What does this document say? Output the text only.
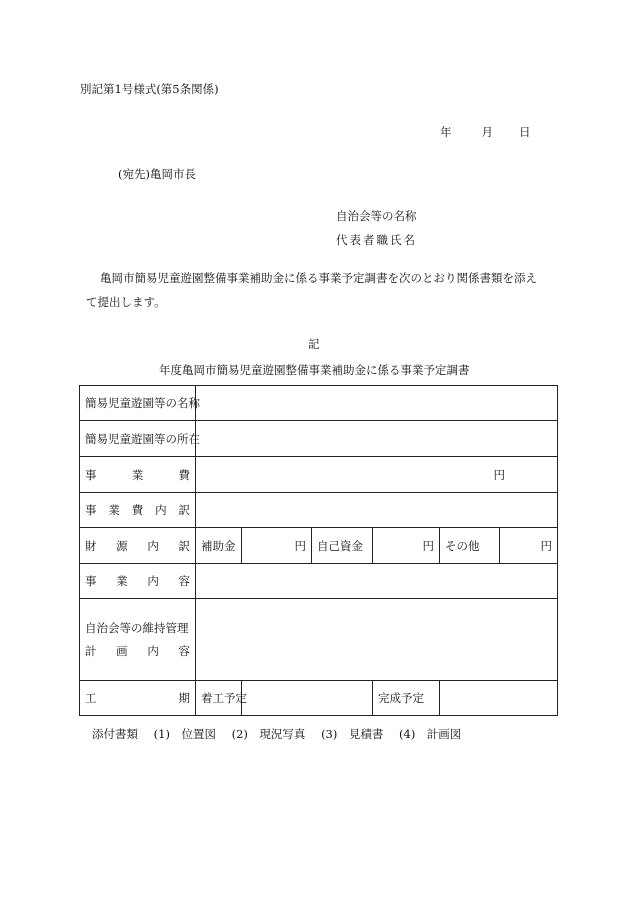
別記第1号様式(第5条関係)
年	月 日
(宛先)亀岡市長
自治会等の名称
代表者職氏名
亀岡市簡易児童遊園整備事業補助金に係る事業予定調書を次のとおり関係書類を添え
て提出します。
記
年度亀岡市簡易児童遊園整備事業補助金に係る事業予定調書
簡易児童遊園等の名称						
簡易児童遊園等の所在						

事 業 費	円					

事 業 費 内 訳						

財 源 内 訳	補助金	円	自己資金	円	その他	円

事 業 内 容						

自治会等の維持管理
計 画 内 容						

工 期	着工予定			完成予定		
添付書類 (1)　位置図 (2)　現況写真 (3)　見積書 (4)　計画図
